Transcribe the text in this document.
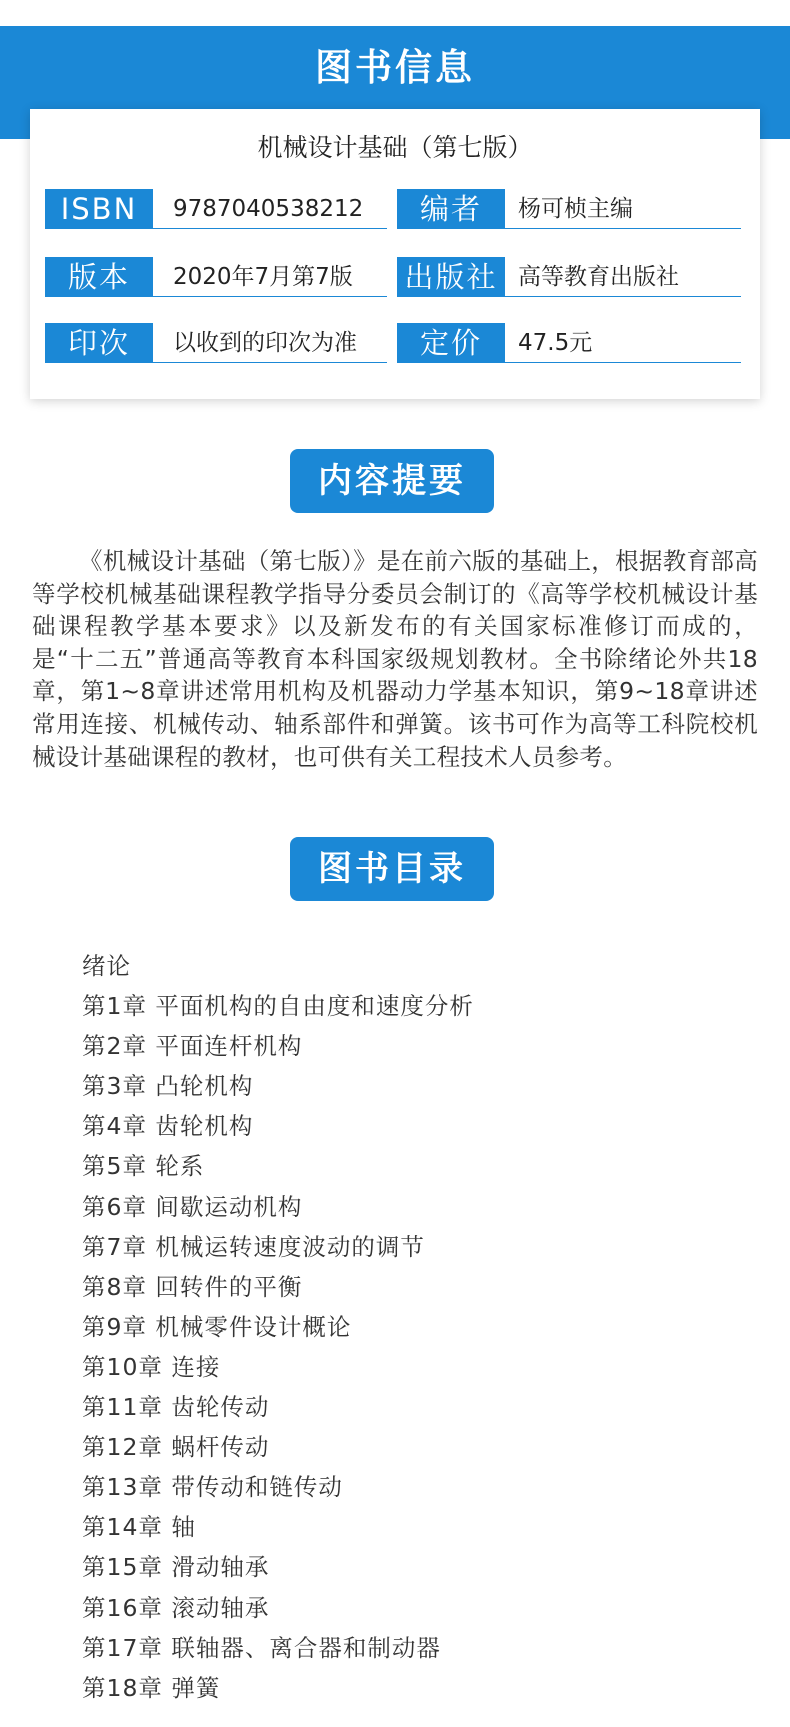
图书信息
机械设计基础（第七版）
ISBN	9787040538212	编者	杨可桢主编
版本	2020年7月第7版	出版社 高等教育出版社
印次	以收到的印次为准	定价	47.5元
内容提要

《机械设计基础（第七版）》是在前六版的基础上，根据教育部高等学校机械基础课程教学指导分委员会制订的《高等学校机械设计基础课程教学基本要求》以及新发布的有关国家标准修订而成的，是“十二五”普通高等教育本科国家级规划教材。全书除绪论外共18章，第1~8章讲述常用机构及机器动力学基本知识，第9~18章讲述常用连接、机械传动、轴系部件和弹簧。该书可作为高等工科院校机械设计基础课程的教材，也可供有关工程技术人员参考。

图书目录
绪论
第1章 平面机构的自由度和速度分析
第2章 平面连杆机构
第3章 凸轮机构
第4章 齿轮机构
第5章 轮系
第6章 间歇运动机构
第7章 机械运转速度波动的调节
第8章 回转件的平衡
第9章 机械零件设计概论
第10章 连接
第11章 齿轮传动
第12章 蜗杆传动
第13章 带传动和链传动
第14章 轴
第15章 滑动轴承
第16章 滚动轴承
第17章 联轴器、离合器和制动器
第18章 弹簧
